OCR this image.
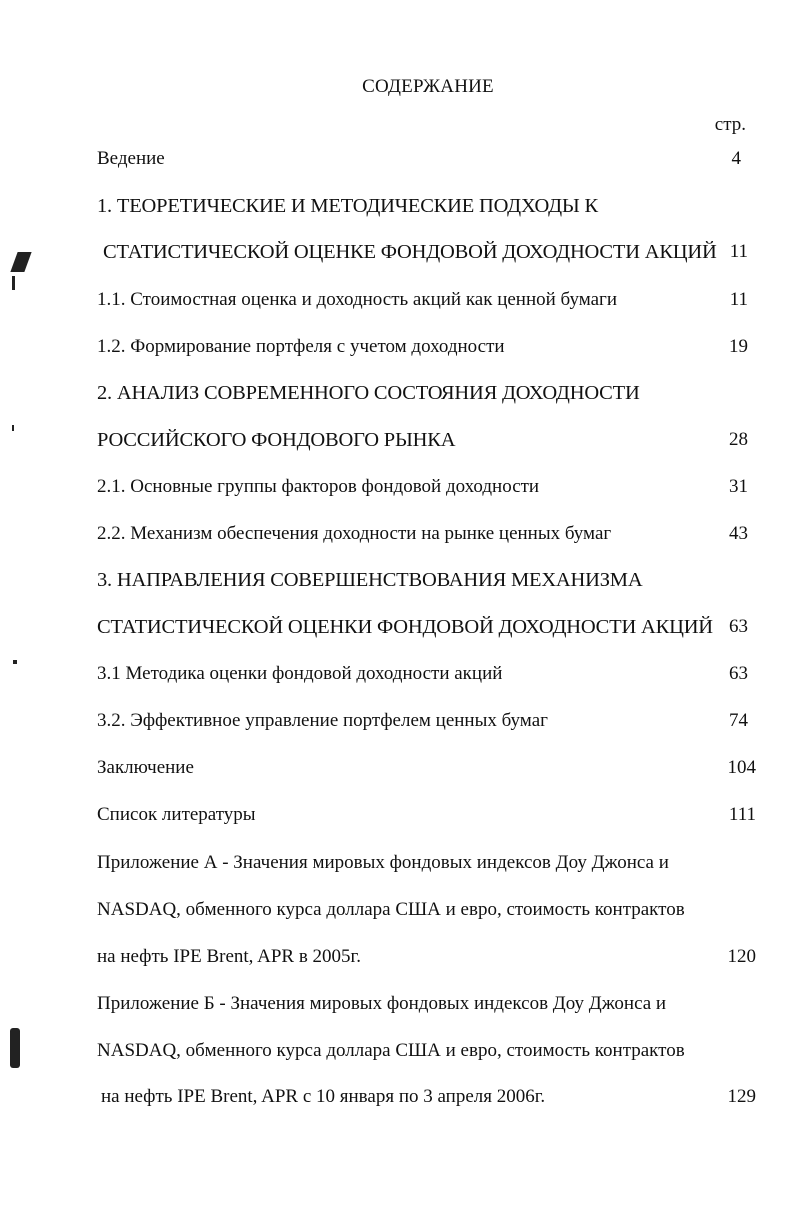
СОДЕРЖАНИЕ
стр.
Ведение	4
1. ТЕОРЕТИЧЕСКИЕ И МЕТОДИЧЕСКИЕ ПОДХОДЫ К
СТАТИСТИЧЕСКОЙ ОЦЕНКЕ ФОНДОВОЙ ДОХОДНОСТИ АКЦИЙ 11
1.1. Стоимостная оценка и доходность акций как ценной бумаги	11
1.2. Формирование портфеля с учетом доходности	19
2. АНАЛИЗ СОВРЕМЕННОГО СОСТОЯНИЯ ДОХОДНОСТИ
РОССИЙСКОГО ФОНДОВОГО РЫНКА	28
2.1. Основные группы факторов фондовой доходности	31
2.2. Механизм обеспечения доходности на рынке ценных бумаг	43
3. НАПРАВЛЕНИЯ СОВЕРШЕНСТВОВАНИЯ МЕХАНИЗМА
СТАТИСТИЧЕСКОЙ ОЦЕНКИ ФОНДОВОЙ ДОХОДНОСТИ АКЦИЙ 63
3.1 Методика оценки фондовой доходности акций	63
3.2. Эффективное управление портфелем ценных бумаг	74
Заключение	104
Список литературы	111
Приложение А - Значения мировых фондовых индексов Доу Джонса и
NASDAQ, обменного курса доллара США и евро, стоимость контрактов
на нефть IPE Brent, APR в 2005г.	120
Приложение Б - Значения мировых фондовых индексов Доу Джонса и
NASDAQ, обменного курса доллара США и евро, стоимость контрактов
на нефть IPE Brent, APR с 10 января по 3 апреля 2006г.	129
